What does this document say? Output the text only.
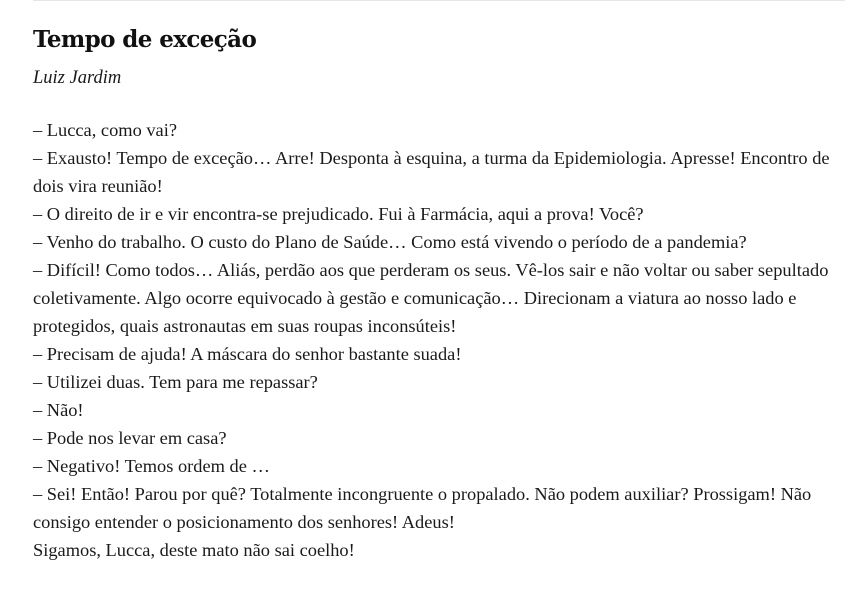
Tempo de exceção

Luiz Jardim

– Lucca, como vai?
– Exausto! Tempo de exceção… Arre! Desponta à esquina, a turma da Epidemiologia. Apresse! Encontro de dois vira reunião!
– O direito de ir e vir encontra-se prejudicado. Fui à Farmácia, aqui a prova! Você?
– Venho do trabalho. O custo do Plano de Saúde… Como está vivendo o período de a pandemia?
– Difícil! Como todos… Aliás, perdão aos que perderam os seus. Vê-los sair e não voltar ou saber sepultado coletivamente. Algo ocorre equivocado à gestão e comunicação… Direcionam a viatura ao nosso lado e protegidos, quais astronautas em suas roupas inconsúteis!
– Precisam de ajuda! A máscara do senhor bastante suada!
– Utilizei duas. Tem para me repassar?
– Não!
– Pode nos levar em casa?
– Negativo! Temos ordem de …
– Sei! Então! Parou por quê? Totalmente incongruente o propalado. Não podem auxiliar? Prossigam! Não consigo entender o posicionamento dos senhores! Adeus!
Sigamos, Lucca, deste mato não sai coelho!
